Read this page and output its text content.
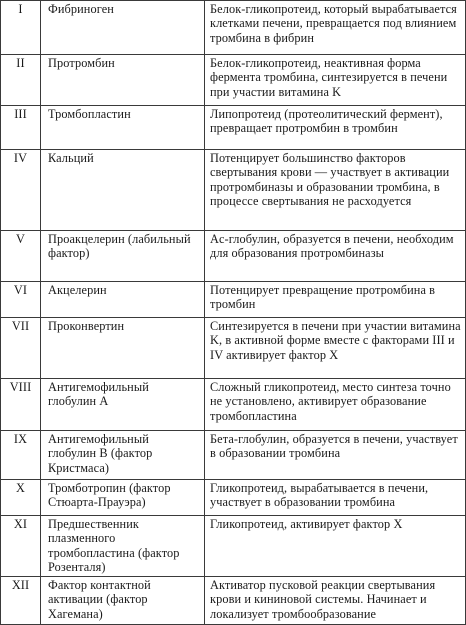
I	Фибриноген	Белок-гликопротеид, который вырабатывается клетками печени, превращается под влиянием тромбина в фибрин
II	Протромбин	Белок-гликопротеид, неактивная форма фермента тромбина, синтезируется в печени при участии витамина K
III	Тромбопластин	Липопротеид (протеолитический фермент), превращает протромбин в тромбин
IV	Кальций	Потенцирует большинство факторов свертывания крови — участвует в активации протромбиназы и образовании тромбина, в процессе свертывания не расходуется
V	Проакцелерин (лабильный фактор)	Ac-глобулин, образуется в печени, необходим для образования протромбиназы
VI	Акцелерин	Потенцирует превращение протромбина в тромбин
VII	Проконвертин	Синтезируется в печени при участии витамина K, в активной форме вместе с факторами III и IV активирует фактор X
VIII	Антигемофильный глобулин A	Сложный гликопротеид, место синтеза точно не установлено, активирует образование тромбопластина
IX	Антигемофильный глобулин B (фактор Кристмаса)	Бета-глобулин, образуется в печени, участвует в образовании тромбина
X	Тромботропин (фактор Стюарта-Прауэра)	Гликопротеид, вырабатывается в печени, участвует в образовании тромбина
XI	Предшественник плазменного тромбопластина (фактор Розенталя)	Гликопротеид, активирует фактор X
XII	Фактор контактной активации (фактор Хагемана)	Активатор пусковой реакции свертывания крови и кининовой системы. Начинает и локализует тромбообразование
